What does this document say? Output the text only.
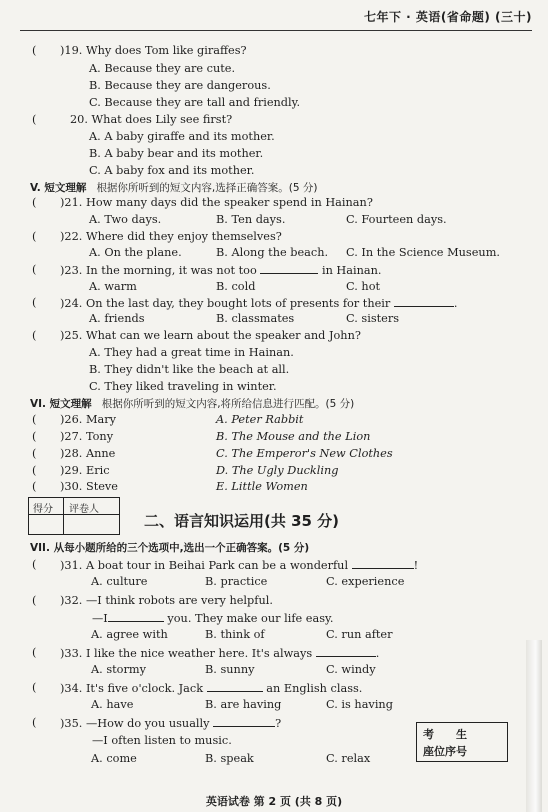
七年下 · 英语(省命题) (三十)
( )19. Why does Tom like giraffes?
A. Because they are cute.
B. Because they are dangerous.
C. Because they are tall and friendly.
(	20. What does Lily see first?
A. A baby giraffe and its mother.
B. A baby bear and its mother.
C. A baby fox and its mother.
V. 短文理解 根据你所听到的短文内容,选择正确答案。(5 分)
( )21. How many days did the speaker spend in Hainan?
A. Two days.	B. Ten days.	C. Fourteen days.
( )22. Where did they enjoy themselves?
A. On the plane.	B. Along the beach. C. In the Science Museum.
( )23. In the morning, it was not too	in Hainan.
A. warm	B. cold	C. hot
( )24. On the last day, they bought lots of presents for their	.
A. friends	B. classmates	C. sisters
( )25. What can we learn about the speaker and John?
A. They had a great time in Hainan.
B. They didn't like the beach at all.
C. They liked traveling in winter.
VI. 短文理解 根据你所听到的短文内容,将所给信息进行匹配。(5 分)
( )26. Mary	A. Peter Rabbit
( )27. Tony	B. The Mouse and the Lion
( )28. Anne	C. The Emperor's New Clothes
( )29. Eric	D. The Ugly Duckling
( )30. Steve	E. Little Women
得分 评卷人
二、语言知识运用(共 35 分)
VII. 从每小题所给的三个选项中,选出一个正确答案。(5 分)
( )31. A boat tour in Beihai Park can be a wonderful	!
A. culture	B. practice	C. experience
( )32. —I think robots are very helpful.
—I	you. They make our life easy.
A. agree with	B. think of	C. run after
( )33. I like the nice weather here. It's always	.
A. stormy	B. sunny	C. windy
( )34. It's five o'clock. Jack	an English class.
A. have	B. are having	C. is having
( )35. —How do you usually	?
—I often listen to music.
A. come	B. speak	C. relax
考生
座位序号
英语试卷 第 2 页 (共 8 页)
